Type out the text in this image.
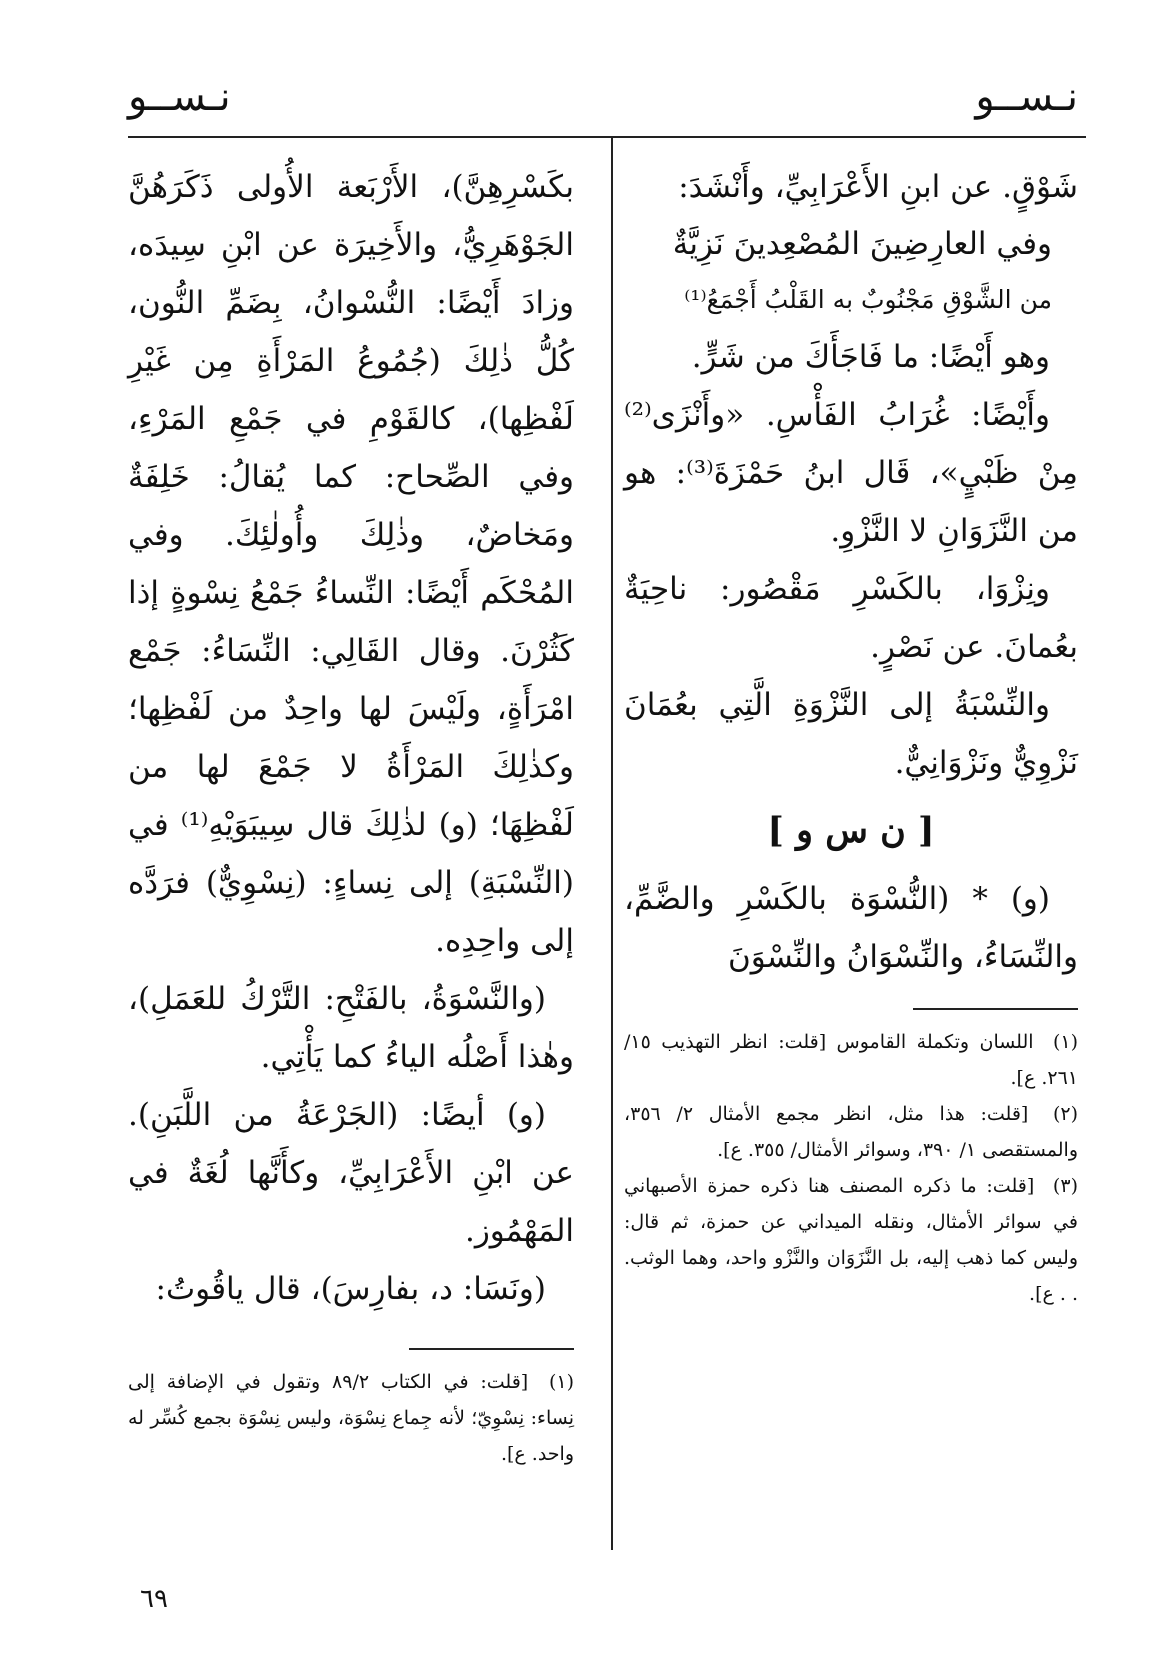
نـســو
نـســو

شَوْقٍ. عن ابنِ الأَعْرَابِيِّ، وأَنْشَدَ:

وفي العارِضِينَ المُصْعِدينَ نَزِيَّةٌ
من الشَّوْقِ مَجْنُوبٌ به القَلْبُ أَجْمَعُ⁽¹⁾

وهو أَيْضًا: ما فَاجَأَكَ من شَرٍّ.

وأَيْضًا: غُرَابُ الفَأْسِ. «وأَنْزَى⁽²⁾ مِنْ ظَبْيٍ»، قَال ابنُ حَمْزَةَ⁽³⁾: هو من النَّزَوَانِ لا النَّزْوِ.

ونِزْوَا، بالكَسْرِ مَقْصُور: ناحِيَةٌ بعُمانَ. عن نَصْرٍ.

والنِّسْبَةُ إلى النَّزْوَةِ الَّتِي بعُمَانَ نَزْوِيٌّ ونَزْوَانِيٌّ.

[ ن س و ]

(و) * (النُّسْوَة بالكَسْرِ والضَّمِّ، والنِّسَاءُ، والنِّسْوَانُ والنِّسْوَنَ

(١) اللسان وتكملة القاموس [قلت: انظر التهذيب ١٥/ ٢٦١. ع].

(٢) [قلت: هذا مثل، انظر مجمع الأمثال ٢/ ٣٥٦، والمستقصى ١/ ٣٩٠، وسوائر الأمثال/ ٣٥٥. ع].

(٣) [قلت: ما ذكره المصنف هنا ذكره حمزة الأصبهاني في سوائر الأمثال، ونقله الميداني عن حمزة، ثم قال: وليس كما ذهب إليه، بل النَّزَوَان والنَّزْو واحد، وهما الوثب. . . ع].

بكَسْرِهِنَّ)، الأَرْبَعة الأُولى ذَكَرَهُنَّ الجَوْهَرِيُّ، والأَخِيرَة عن ابْنِ سِيدَه، وزادَ أَيْضًا: النُّسْوانُ، بِضَمِّ النُّون، كُلُّ ذٰلِكَ (جُمُوعُ المَرْأَةِ مِن غَيْرِ لَفْظِها)، كالقَوْمِ في جَمْعِ المَرْءِ، وفي الصِّحاح: كما يُقالُ: خَلِفَةٌ ومَخاضٌ، وذٰلِكَ وأُولٰئِكَ. وفي المُحْكَم أَيْضًا: النِّساءُ جَمْعُ نِسْوةٍ إذا كَثُرْنَ. وقال القَالِي: النِّسَاءُ: جَمْع امْرَأَةٍ، ولَيْسَ لها واحِدٌ من لَفْظِها؛ وكذٰلِكَ المَرْأَةُ لا جَمْعَ لها من لَفْظِهَا؛ (و) لذٰلِكَ قال سِيبَوَيْهِ⁽¹⁾ في (النِّسْبَةِ) إلى نِساءٍ: (نِسْوِيٌّ) فرَدَّه إلى واحِدِه.

(والنَّسْوَةُ، بالفَتْحِ: التَّرْكُ للعَمَلِ)، وهٰذا أَصْلُه الياءُ كما يَأْتِي.

(و) أيضًا: (الجَرْعَةُ من اللَّبَنِ). عن ابْنِ الأَعْرَابِيِّ، وكأَنَّها لُغَةٌ في المَهْمُوز.

(ونَسَا: د، بفارِسَ)، قال ياقُوتُ:

(١) [قلت: في الكتاب ٨٩/٢ وتقول في الإضافة إلى نِساء: نِسْوِيّ؛ لأنه جِماع نِسْوَة، وليس نِسْوَة بجمع كُسِّر له واحد. ع].

٦٩
